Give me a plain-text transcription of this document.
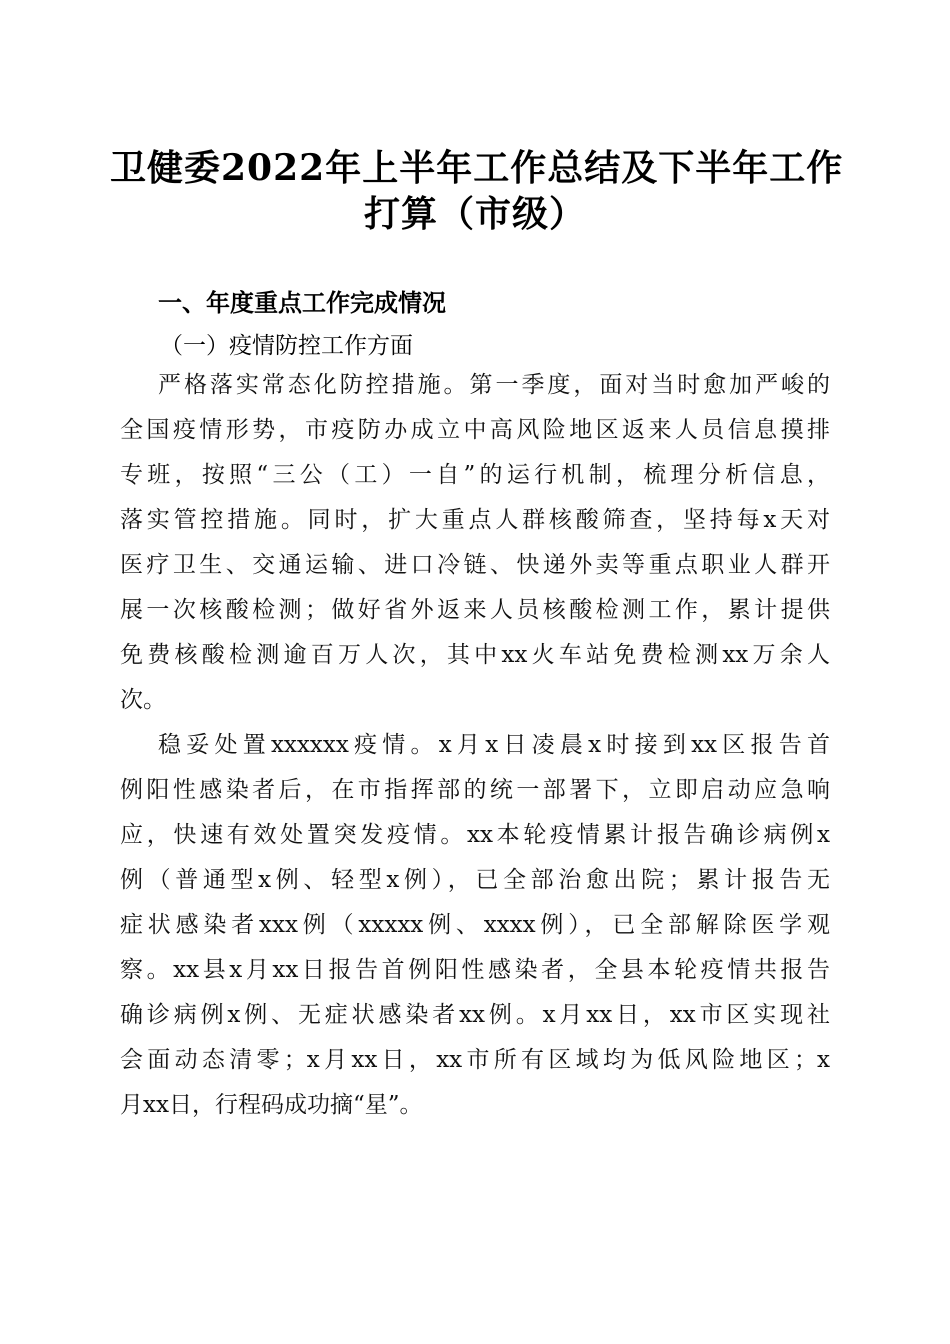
卫健委2022年上半年工作总结及下半年工作
打算（市级）
一、年度重点工作完成情况
（一）疫情防控工作方面
严格落实常态化防控措施。第一季度，面对当时愈加严峻的
全国疫情形势，市疫防办成立中高风险地区返来人员信息摸排
专班，按照“三公（工）一自”的运行机制，梳理分析信息，
落实管控措施。同时，扩大重点人群核酸筛查，坚持每x天对
医疗卫生、交通运输、进口冷链、快递外卖等重点职业人群开
展一次核酸检测；做好省外返来人员核酸检测工作，累计提供
免费核酸检测逾百万人次，其中xx火车站免费检测xx万余人
次。
稳妥处置xxxxxx疫情。x月x日凌晨x时接到xx区报告首
例阳性感染者后，在市指挥部的统一部署下，立即启动应急响
应，快速有效处置突发疫情。xx本轮疫情累计报告确诊病例x
例（普通型x例、轻型x例），已全部治愈出院；累计报告无
症状感染者xxx例（xxxxx例、xxxx例），已全部解除医学观
察。xx县x月xx日报告首例阳性感染者，全县本轮疫情共报告
确诊病例x例、无症状感染者xx例。x月xx日，xx市区实现社
会面动态清零；x月xx日，xx市所有区域均为低风险地区；x
月xx日，行程码成功摘“星”。
